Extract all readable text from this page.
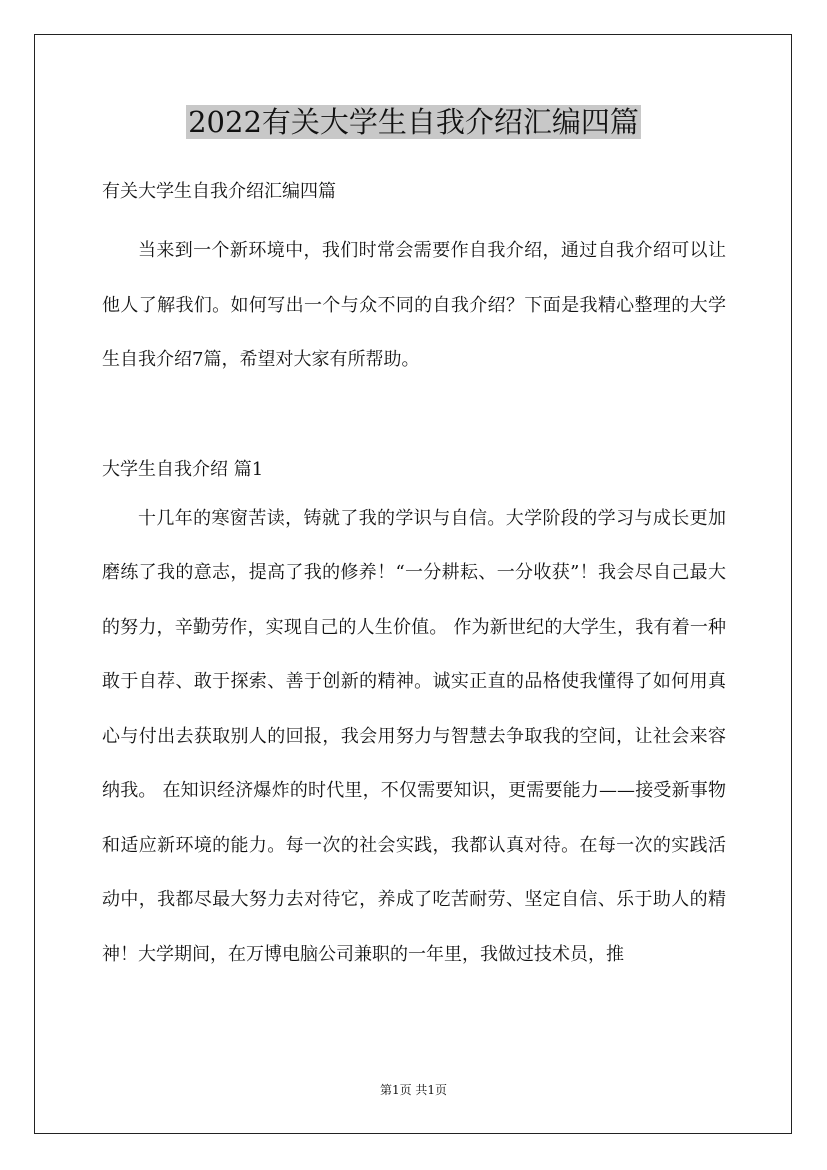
2022有关大学生自我介绍汇编四篇

有关大学生自我介绍汇编四篇

当来到一个新环境中，我们时常会需要作自我介绍，通过自我介绍可以让他人了解我们。如何写出一个与众不同的自我介绍？下面是我精心整理的大学生自我介绍7篇，希望对大家有所帮助。

大学生自我介绍 篇1

十几年的寒窗苦读，铸就了我的学识与自信。大学阶段的学习与成长更加磨练了我的意志，提高了我的修养！“一分耕耘、一分收获”！我会尽自己最大的努力，辛勤劳作，实现自己的人生价值。 作为新世纪的大学生，我有着一种敢于自荐、敢于探索、善于创新的精神。诚实正直的品格使我懂得了如何用真心与付出去获取别人的回报，我会用努力与智慧去争取我的空间，让社会来容纳我。 在知识经济爆炸的时代里，不仅需要知识，更需要能力——接受新事物和适应新环境的能力。每一次的社会实践，我都认真对待。在每一次的实践活动中，我都尽最大努力去对待它，养成了吃苦耐劳、坚定自信、乐于助人的精神！大学期间，在万博电脑公司兼职的一年里，我做过技术员，推

第1页 共1页
